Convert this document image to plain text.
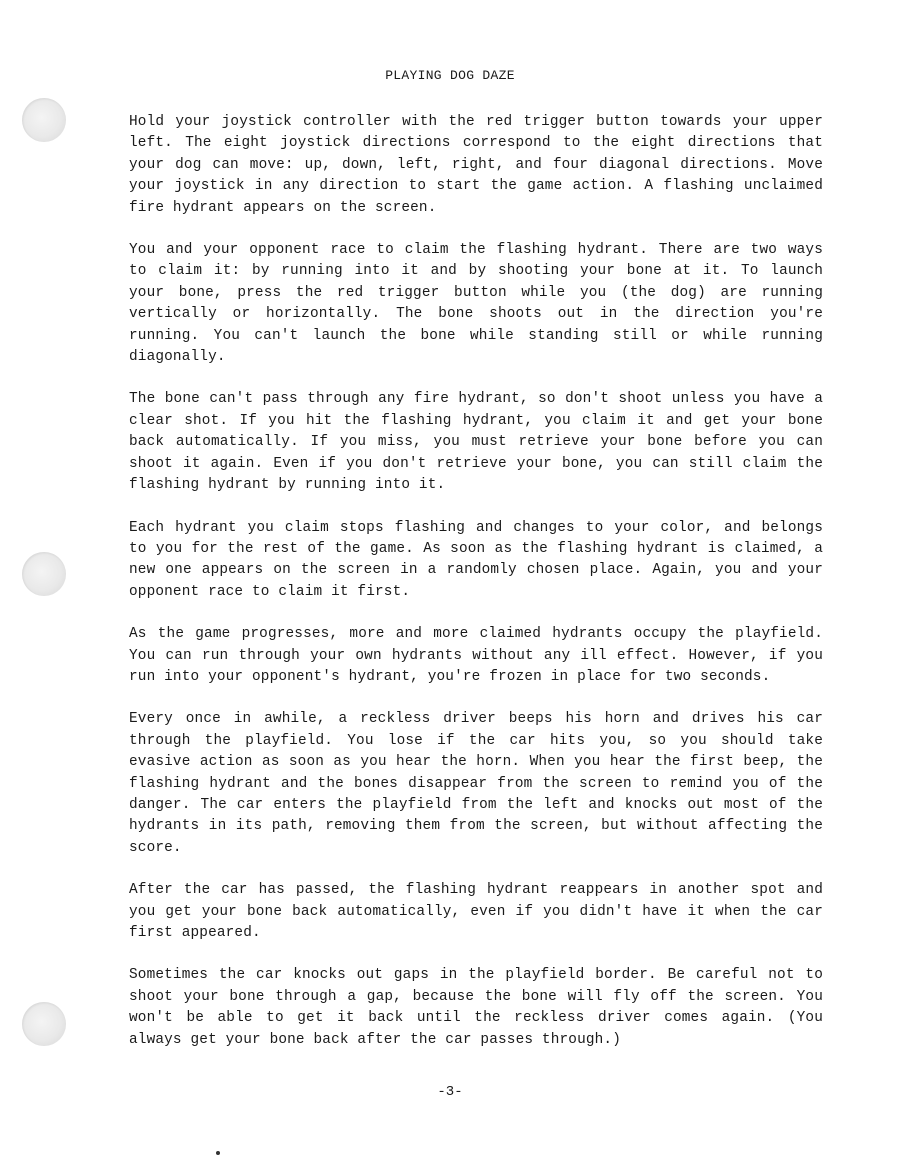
PLAYING DOG DAZE

Hold your joystick controller with the red trigger button towards your upper left. The eight joystick directions correspond to the eight directions that your dog can move: up, down, left, right, and four diagonal directions. Move your joystick in any direction to start the game action. A flashing unclaimed fire hydrant appears on the screen.

You and your opponent race to claim the flashing hydrant. There are two ways to claim it: by running into it and by shooting your bone at it. To launch your bone, press the red trigger button while you (the dog) are running vertically or horizontally. The bone shoots out in the direction you're running. You can't launch the bone while standing still or while running diagonally.

The bone can't pass through any fire hydrant, so don't shoot unless you have a clear shot. If you hit the flashing hydrant, you claim it and get your bone back automatically. If you miss, you must retrieve your bone before you can shoot it again. Even if you don't retrieve your bone, you can still claim the flashing hydrant by running into it.

Each hydrant you claim stops flashing and changes to your color, and belongs to you for the rest of the game. As soon as the flashing hydrant is claimed, a new one appears on the screen in a randomly chosen place. Again, you and your opponent race to claim it first.

As the game progresses, more and more claimed hydrants occupy the playfield. You can run through your own hydrants without any ill effect. However, if you run into your opponent's hydrant, you're frozen in place for two seconds.

Every once in awhile, a reckless driver beeps his horn and drives his car through the playfield. You lose if the car hits you, so you should take evasive action as soon as you hear the horn. When you hear the first beep, the flashing hydrant and the bones disappear from the screen to remind you of the danger. The car enters the playfield from the left and knocks out most of the hydrants in its path, removing them from the screen, but without affecting the score.

After the car has passed, the flashing hydrant reappears in another spot and you get your bone back automatically, even if you didn't have it when the car first appeared.

Sometimes the car knocks out gaps in the playfield border. Be careful not to shoot your bone through a gap, because the bone will fly off the screen. You won't be able to get it back until the reckless driver comes again. (You always get your bone back after the car passes through.)

-3-
